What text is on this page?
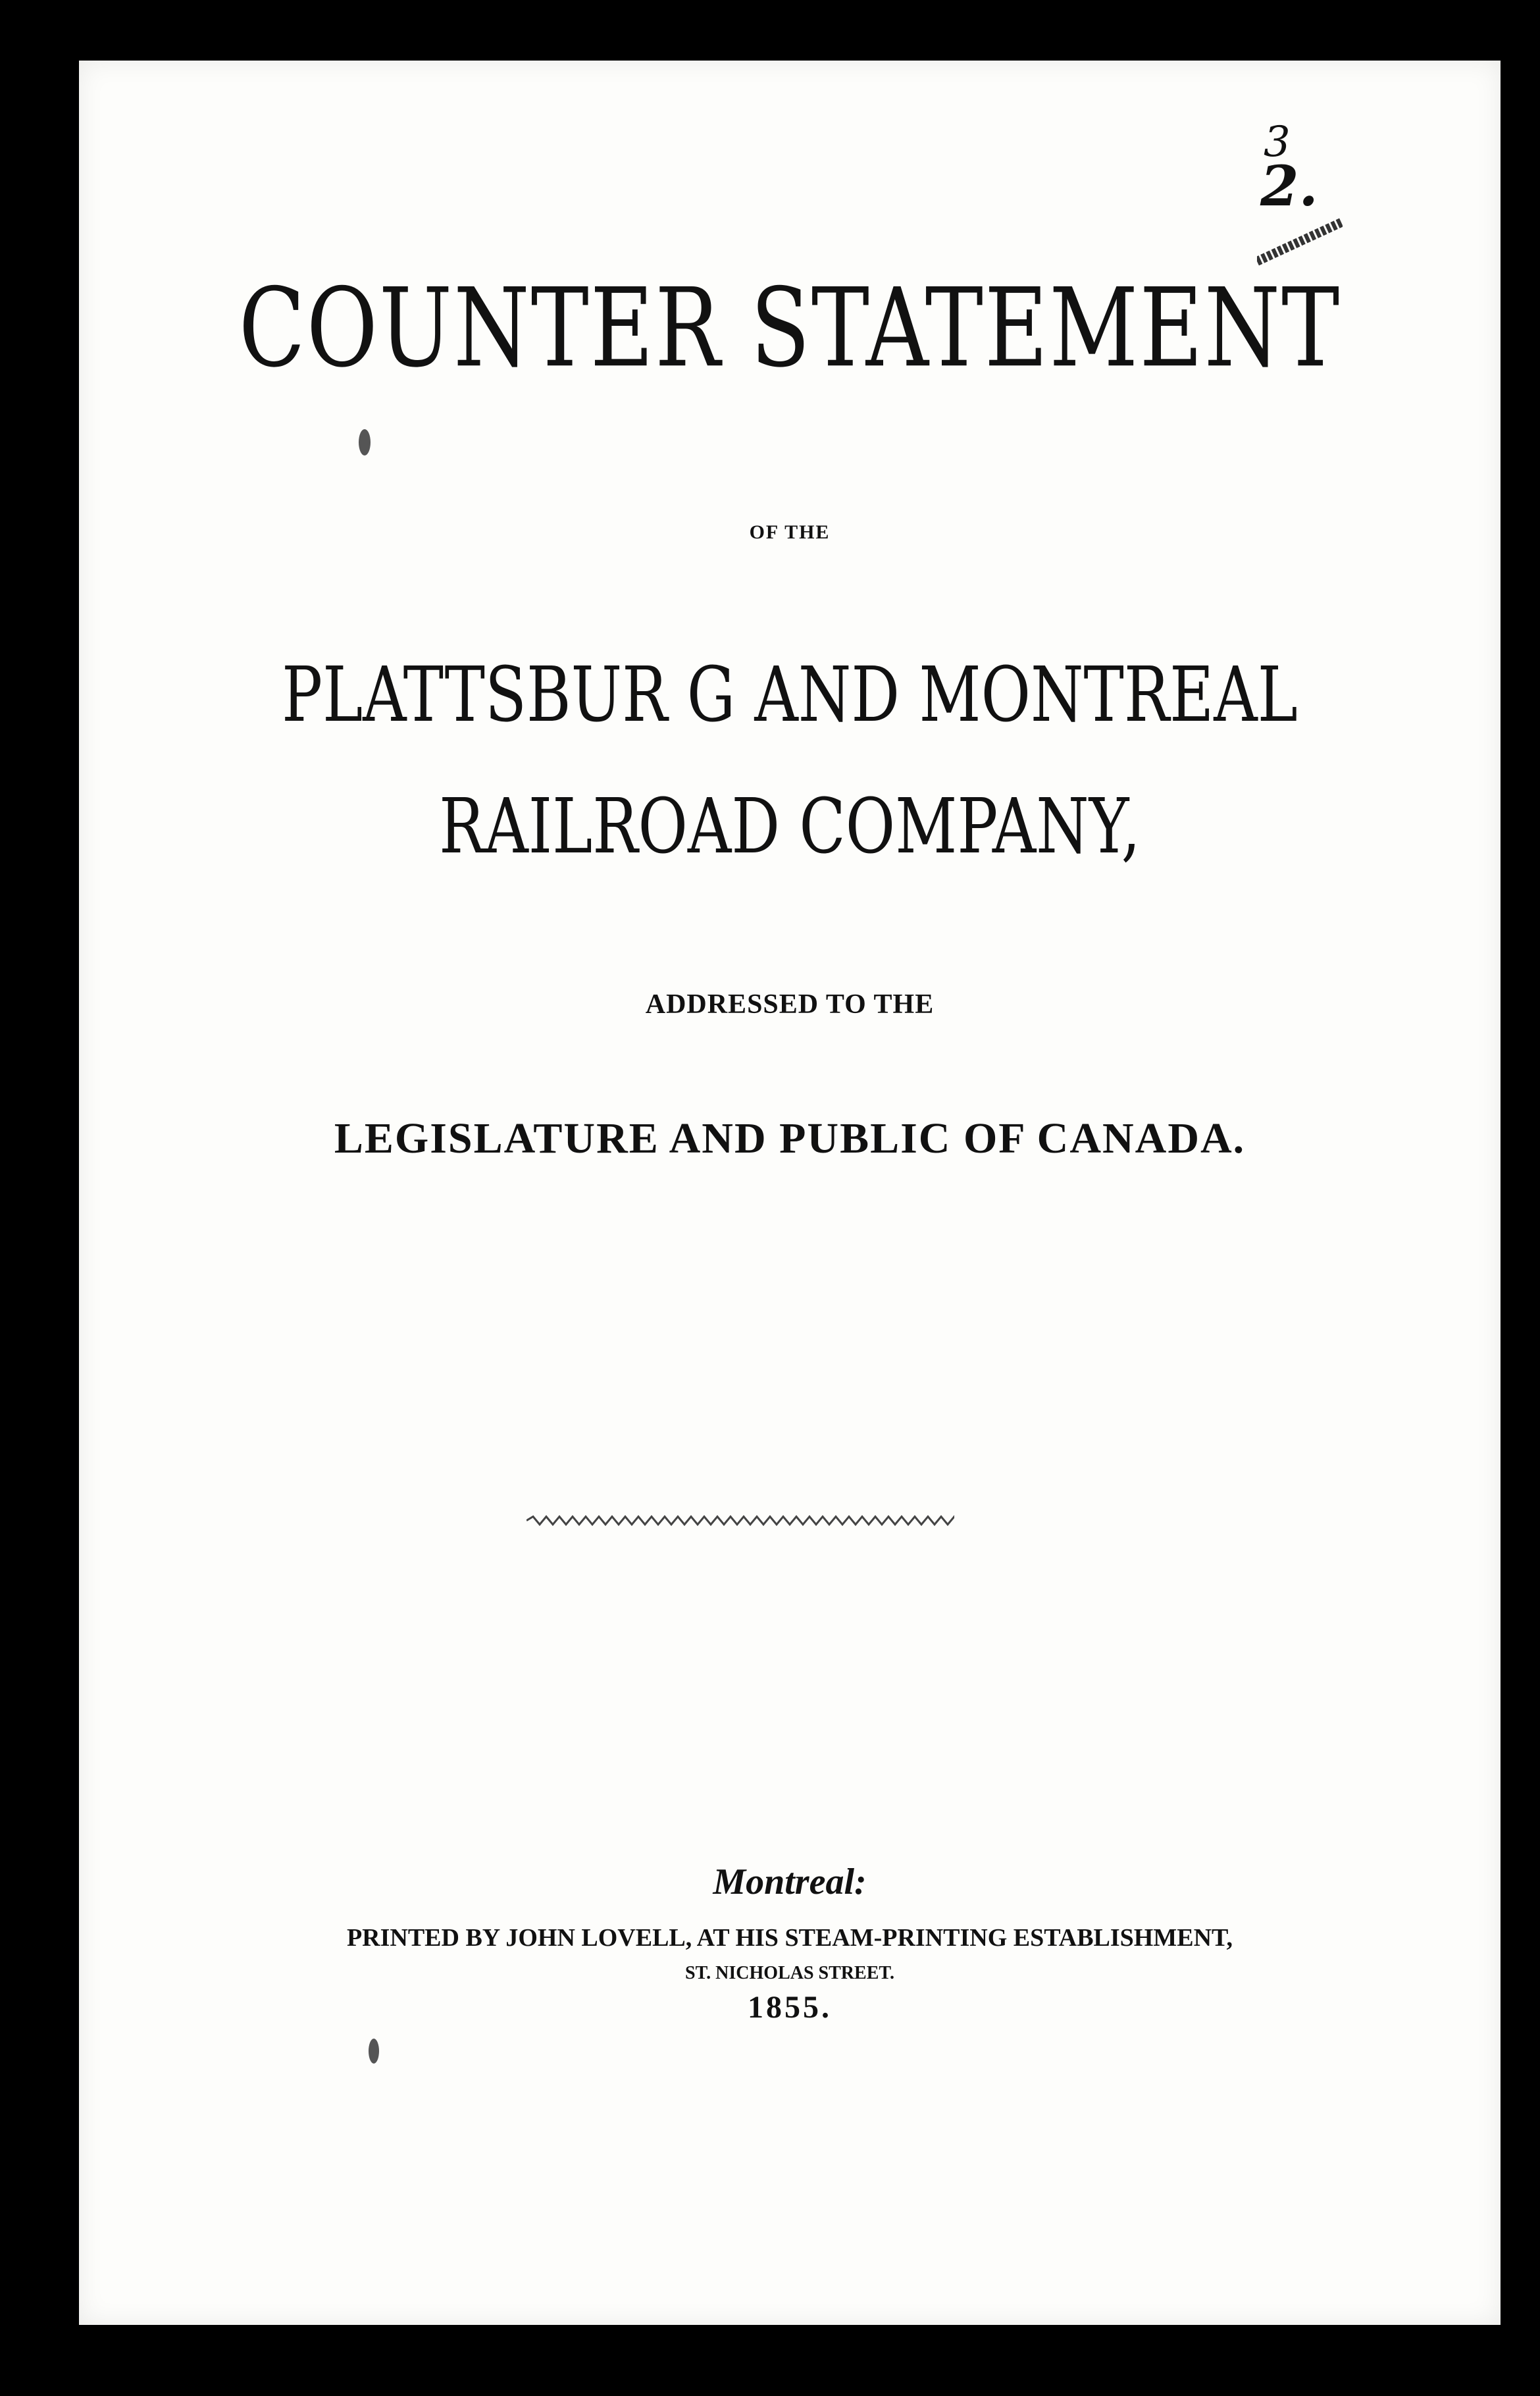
3
2.
COUNTER STATEMENT
OF THE
PLATTSBUR G AND MONTREAL
RAILROAD COMPANY,
ADDRESSED TO THE
LEGISLATURE AND PUBLIC OF CANADA.
Montreal:
PRINTED BY JOHN LOVELL, AT HIS STEAM-PRINTING ESTABLISHMENT,
ST. NICHOLAS STREET.
1855.
